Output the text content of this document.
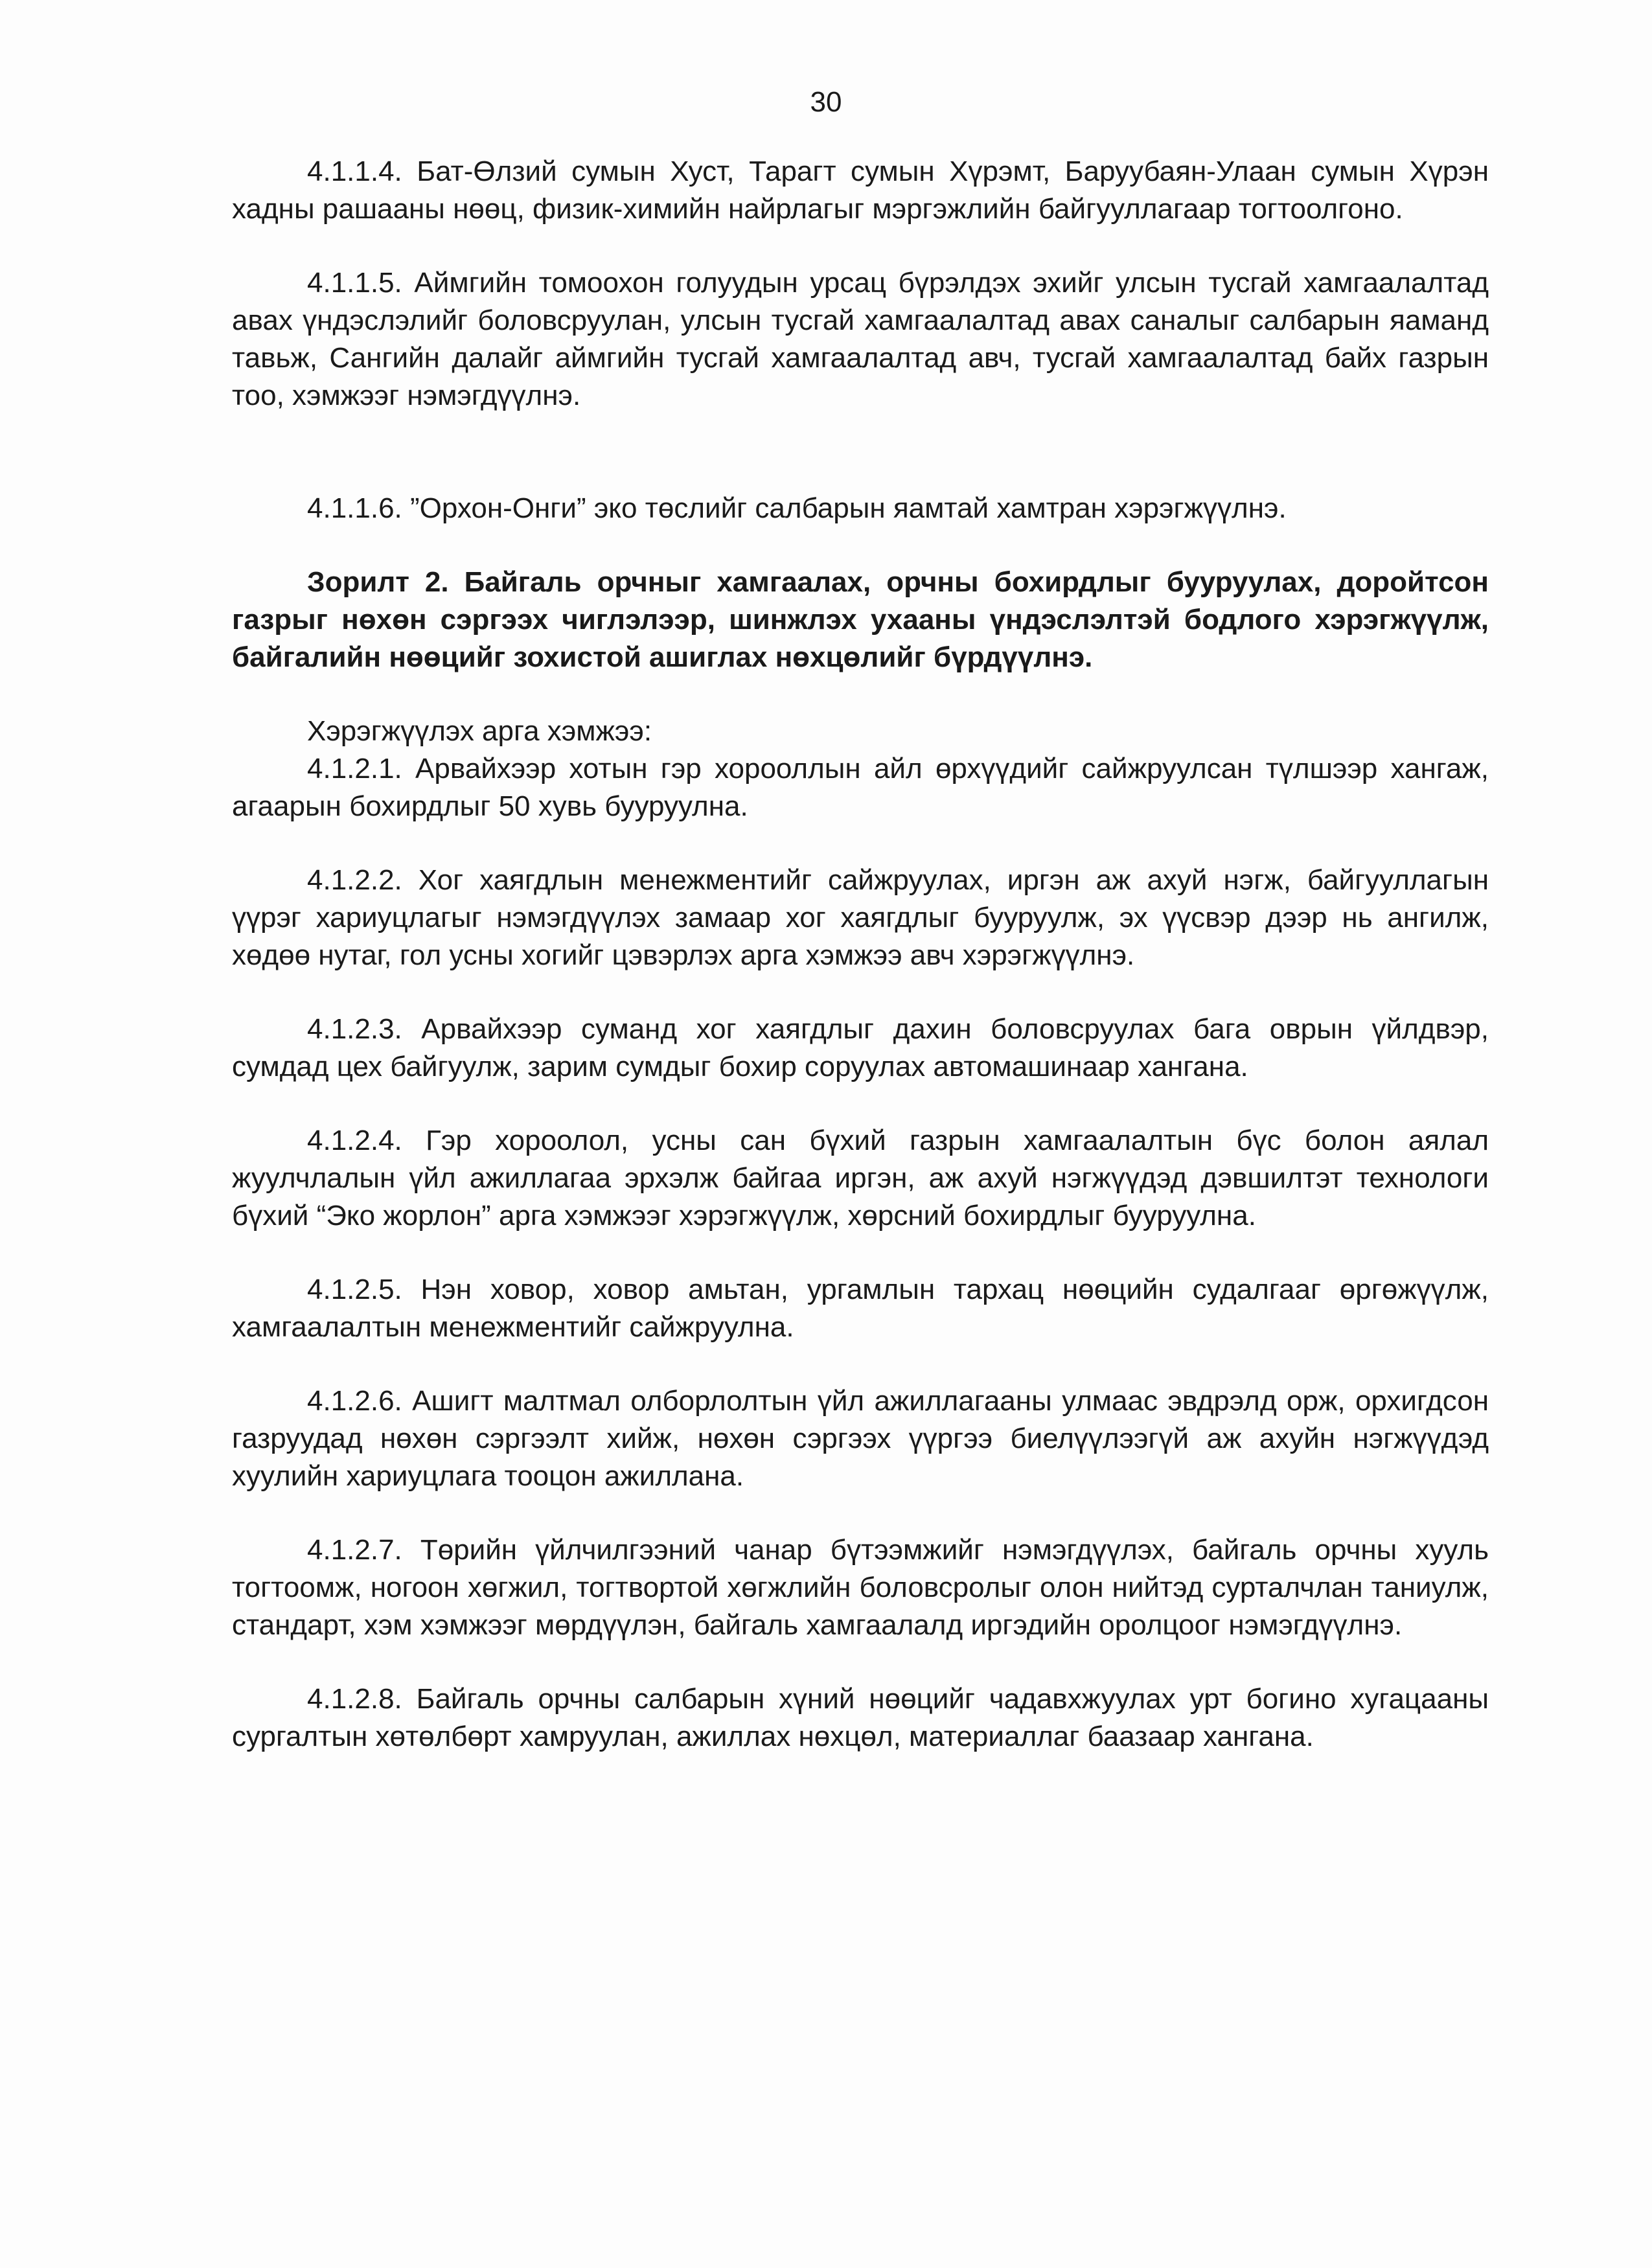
30

4.1.1.4. Бат-Өлзий сумын Хуст, Тарагт сумын Хүрэмт, Баруубаян-Улаан сумын Хүрэн хадны рашааны нөөц, физик-химийн найрлагыг мэргэжлийн байгууллагаар тогтоолгоно.

4.1.1.5. Аймгийн томоохон голуудын урсац бүрэлдэх эхийг улсын тусгай хамгаалалтад авах үндэслэлийг боловсруулан, улсын тусгай хамгаалалтад авах саналыг салбарын яаманд тавьж, Сангийн далайг аймгийн тусгай хамгаалалтад авч, тусгай хамгаалалтад байх газрын тоо, хэмжээг нэмэгдүүлнэ.

4.1.1.6. ”Орхон-Онги” эко төслийг салбарын яамтай хамтран хэрэгжүүлнэ.

Зорилт 2. Байгаль орчныг хамгаалах, орчны бохирдлыг бууруулах, доройтсон газрыг нөхөн сэргээх чиглэлээр, шинжлэх ухааны үндэслэлтэй бодлого хэрэгжүүлж, байгалийн нөөцийг зохистой ашиглах нөхцөлийг бүрдүүлнэ.

Хэрэгжүүлэх арга хэмжээ:

4.1.2.1. Арвайхээр хотын гэр хорооллын айл өрхүүдийг сайжруулсан түлшээр хангаж, агаарын бохирдлыг 50 хувь бууруулна.

4.1.2.2. Хог хаягдлын менежментийг сайжруулах, иргэн аж ахуй нэгж, байгууллагын үүрэг хариуцлагыг нэмэгдүүлэх замаар хог хаягдлыг бууруулж, эх үүсвэр дээр нь ангилж, хөдөө нутаг, гол усны хогийг цэвэрлэх арга хэмжээ авч хэрэгжүүлнэ.

4.1.2.3. Арвайхээр суманд хог хаягдлыг дахин боловсруулах бага оврын үйлдвэр, сумдад цех байгуулж, зарим сумдыг бохир соруулах автомашинаар хангана.

4.1.2.4. Гэр хороолол, усны сан бүхий газрын хамгаалалтын бүс болон аялал жуулчлалын үйл ажиллагаа эрхэлж байгаа иргэн, аж ахуй нэгжүүдэд дэвшилтэт технологи бүхий “Эко жорлон” арга хэмжээг хэрэгжүүлж, хөрсний бохирдлыг бууруулна.

4.1.2.5. Нэн ховор, ховор амьтан, ургамлын тархац нөөцийн судалгааг өргөжүүлж, хамгаалалтын менежментийг сайжруулна.

4.1.2.6. Ашигт малтмал олборлолтын үйл ажиллагааны улмаас эвдрэлд орж, орхигдсон газруудад нөхөн сэргээлт хийж, нөхөн сэргээх үүргээ биелүүлээгүй аж ахуйн нэгжүүдэд хуулийн хариуцлага тооцон ажиллана.

4.1.2.7. Төрийн үйлчилгээний чанар бүтээмжийг нэмэгдүүлэх, байгаль орчны хууль тогтоомж, ногоон хөгжил, тогтвортой хөгжлийн боловсролыг олон нийтэд сурталчлан таниулж, стандарт, хэм хэмжээг мөрдүүлэн, байгаль хамгаалалд иргэдийн оролцоог нэмэгдүүлнэ.

4.1.2.8. Байгаль орчны салбарын хүний нөөцийг чадавхжуулах урт богино хугацааны сургалтын хөтөлбөрт хамруулан, ажиллах нөхцөл, материаллаг баазаар хангана.
